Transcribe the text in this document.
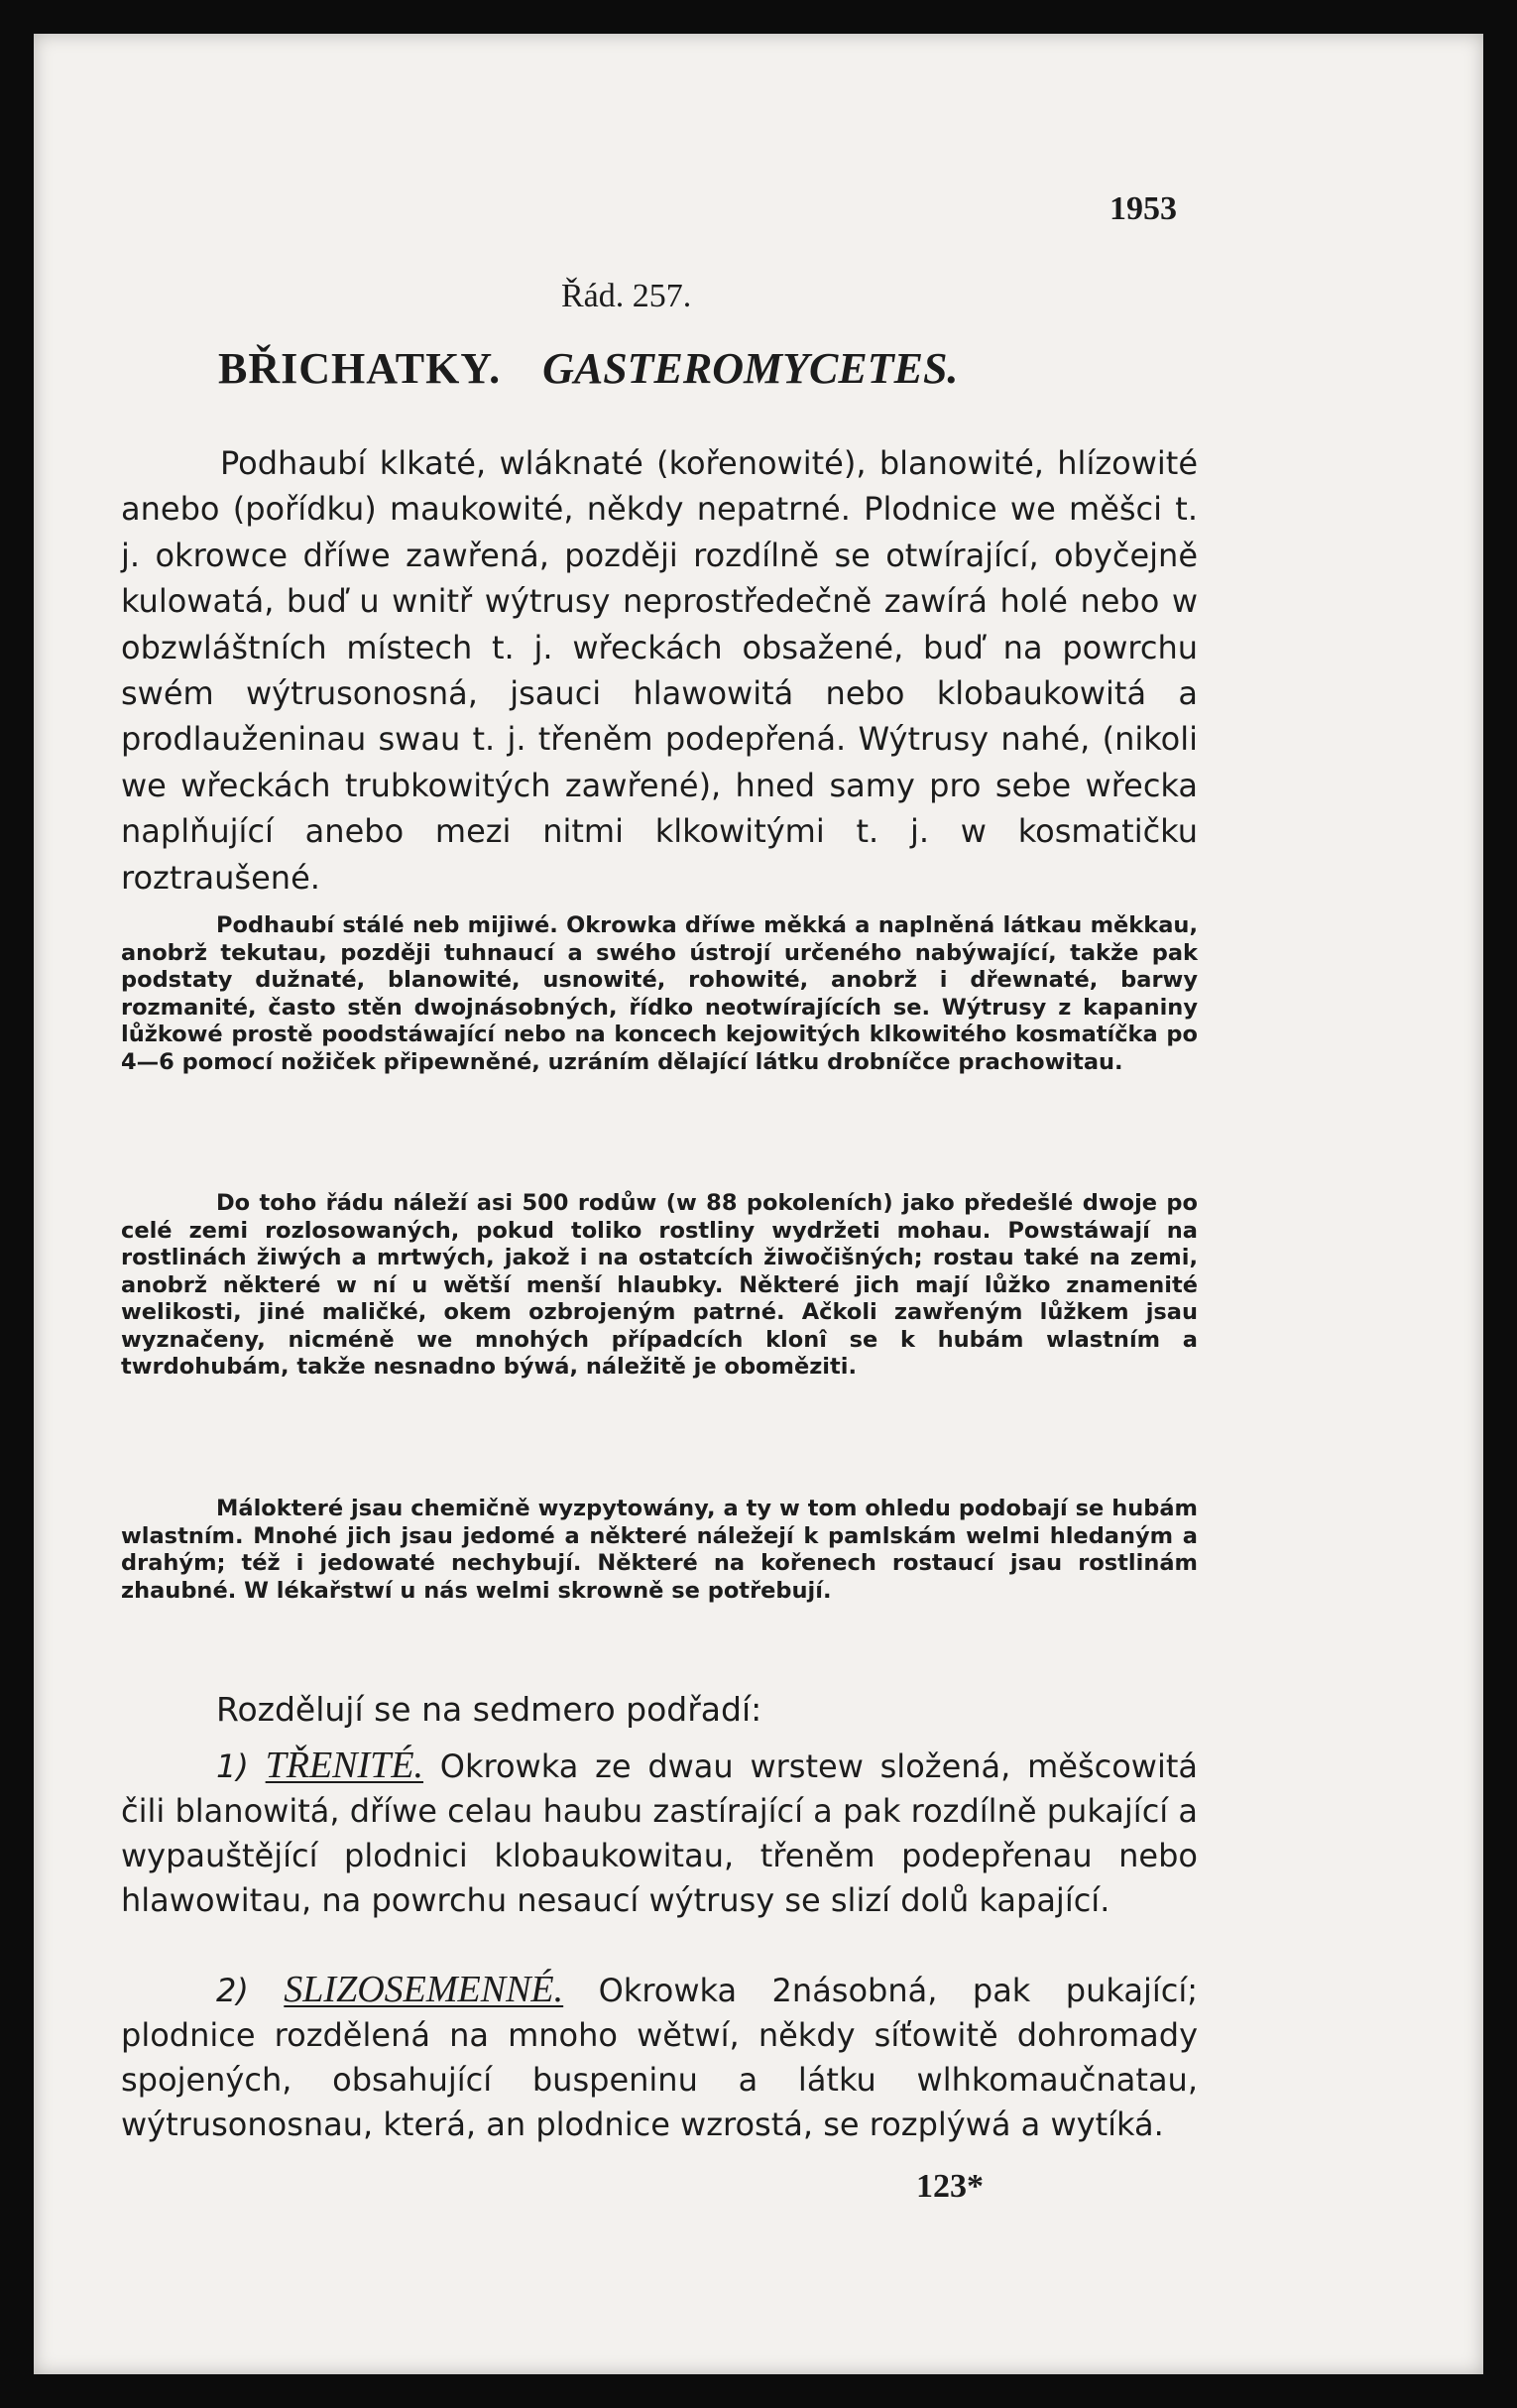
1953
Řád. 257.
BŘICHATKY. GASTEROMYCETES.
Podhaubí klkaté, wláknaté (kořenowité), blanowité, hlízowité anebo (pořídku) maukowité, někdy nepatrné. Plodnice we měšci t. j. okrowce dříwe zawřená, později rozdílně se otwírající, obyčejně kulowatá, buď u wnitř wýtrusy neprostředečně zawírá holé nebo w obzwláštních místech t. j. wřeckách obsažené, buď na powrchu swém wýtrusonosná, jsauci hlawowitá nebo klobaukowitá a prodlauženinau swau t. j. třeněm podepřená. Wýtrusy nahé, (nikoli we wřeckách trubkowitých zawřené), hned samy pro sebe wřecka naplňující anebo mezi nitmi klkowitými t. j. w kosmatičku roztraušené.
Podhaubí stálé neb mijiwé. Okrowka dříwe měkká a naplněná látkau měkkau, anobrž tekutau, později tuhnaucí a swého ústrojí určeného nabýwající, takže pak podstaty dužnaté, blanowité, usnowité, rohowité, anobrž i dřewnaté, barwy rozmanité, často stěn dwojnásobných, řídko neotwírajících se. Wýtrusy z kapaniny lůžkowé prostě poodstáwající nebo na koncech kejowitých klkowitého kosmatíčka po 4—6 pomocí nožiček připewněné, uzráním dělající látku drobníčce prachowitau.
Do toho řádu náleží asi 500 rodůw (w 88 pokoleních) jako předešlé dwoje po celé zemi rozlosowaných, pokud toliko rostliny wydržeti mohau. Powstáwají na rostlinách žiwých a mrtwých, jakož i na ostatcích žiwočišných; rostau také na zemi, anobrž některé w ní u wětší menší hlaubky. Některé jich mají lůžko znamenité welikosti, jiné maličké, okem ozbrojeným patrné. Ačkoli zawřeným lůžkem jsau wyznačeny, nicméně we mnohých případcích klonî se k hubám wlastním a twrdohubám, takže nesnadno býwá, náležitě je oboměziti.
Málokteré jsau chemičně wyzpytowány, a ty w tom ohledu podobají se hubám wlastním. Mnohé jich jsau jedomé a některé náležejí k pamlskám welmi hledaným a drahým; též i jedowaté nechybují. Některé na kořenech rostaucí jsau rostlinám zhaubné. W lékařstwí u nás welmi skrowně se potřebují.
Rozdělují se na sedmero podřadí:
1) TŘENITÉ. Okrowka ze dwau wrstew složená, měšcowitá čili blanowitá, dříwe celau haubu zastírající a pak rozdílně pukající a wypauštějící plodnici klobaukowitau, třeněm podepřenau nebo hlawowitau, na powrchu nesaucí wýtrusy se slizí dolů kapající.
2) SLIZOSEMENNÉ. Okrowka 2násobná, pak pukající; plodnice rozdělená na mnoho wětwí, někdy síťowitě dohromady spojených, obsahující buspeninu a látku wlhkomaučnatau, wýtrusonosnau, která, an plodnice wzrostá, se rozplýwá a wytíká.
123*
